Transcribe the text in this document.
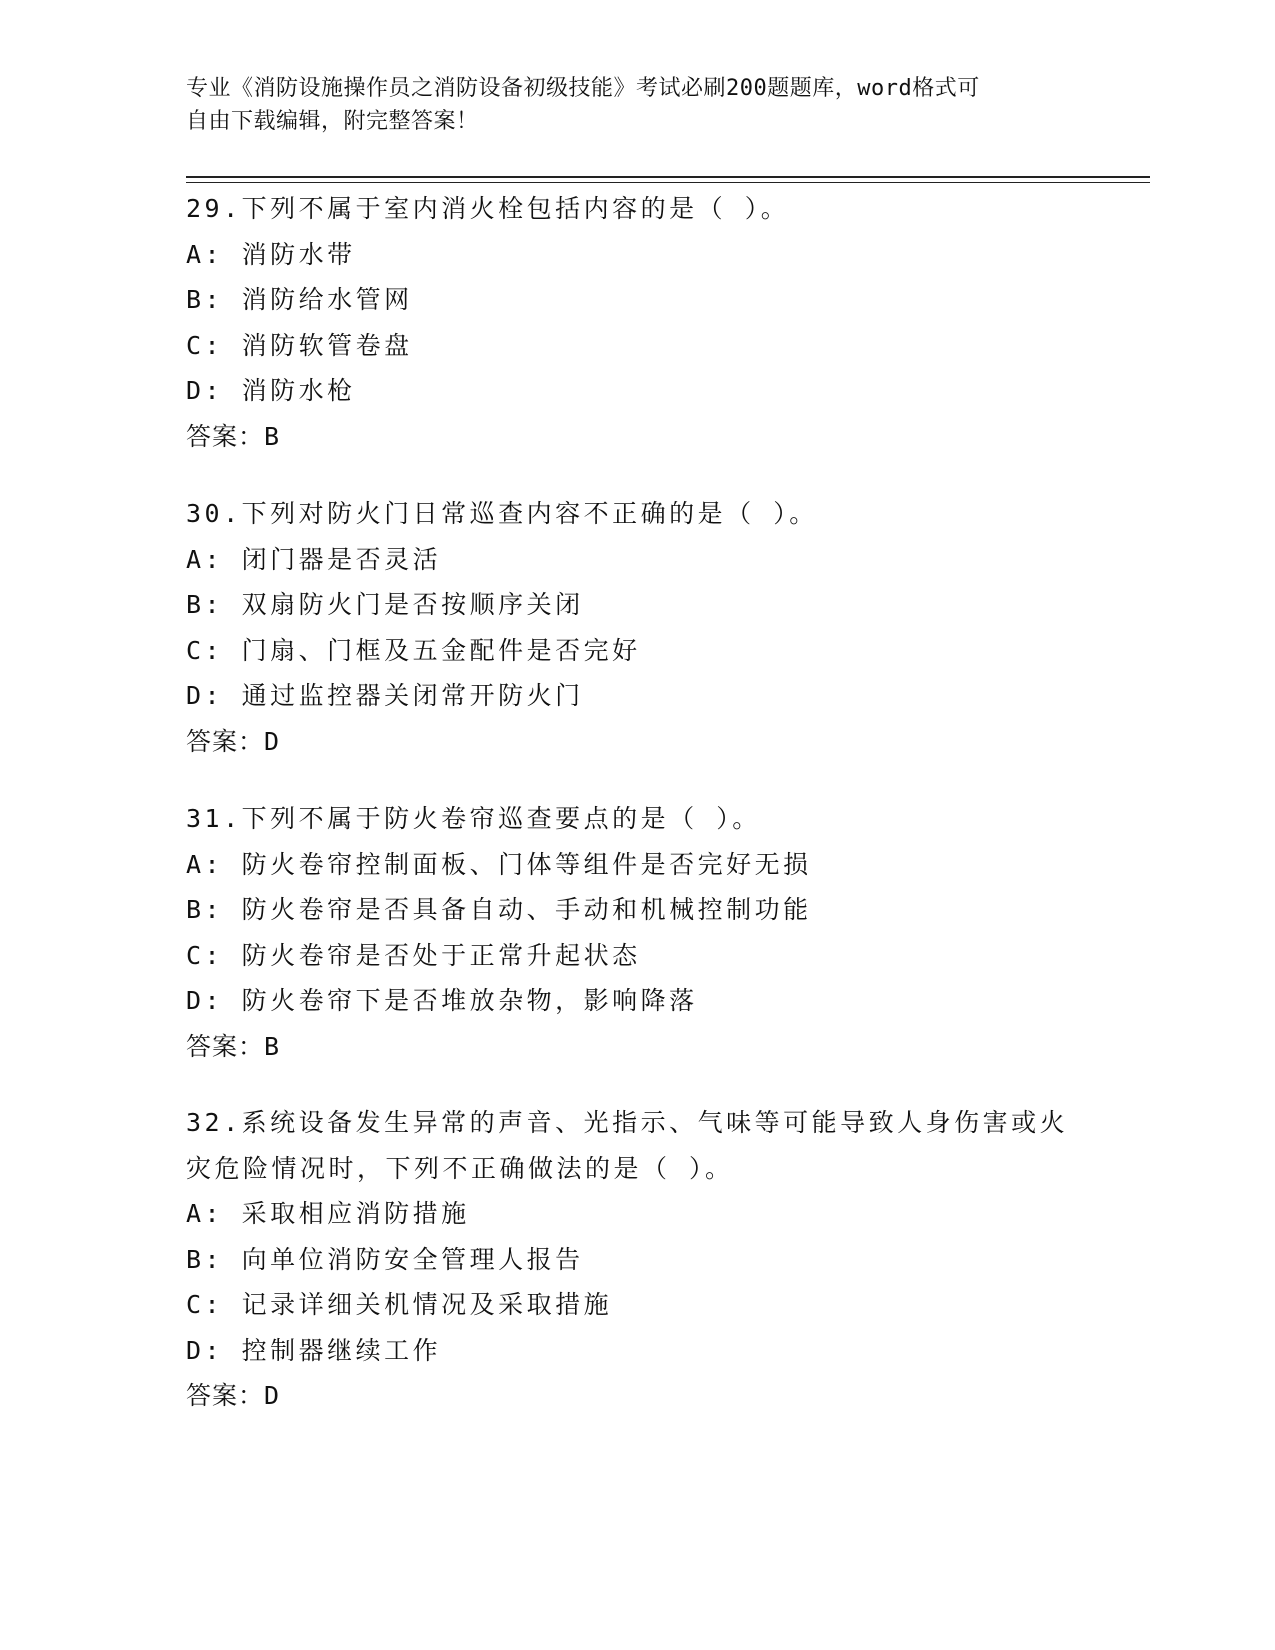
专业《消防设施操作员之消防设备初级技能》考试必刷200题题库，word格式可
自由下载编辑，附完整答案！
29.下列不属于室内消火栓包括内容的是（ ）。
A: 消防水带
B: 消防给水管网
C: 消防软管卷盘
D: 消防水枪
答案：B
30.下列对防火门日常巡查内容不正确的是（ ）。
A: 闭门器是否灵活
B: 双扇防火门是否按顺序关闭
C: 门扇、门框及五金配件是否完好
D: 通过监控器关闭常开防火门
答案：D
31.下列不属于防火卷帘巡查要点的是（ ）。
A: 防火卷帘控制面板、门体等组件是否完好无损
B: 防火卷帘是否具备自动、手动和机械控制功能
C: 防火卷帘是否处于正常升起状态
D: 防火卷帘下是否堆放杂物，影响降落
答案：B
32.系统设备发生异常的声音、光指示、气味等可能导致人身伤害或火
灾危险情况时，下列不正确做法的是（ ）。
A: 采取相应消防措施
B: 向单位消防安全管理人报告
C: 记录详细关机情况及采取措施
D: 控制器继续工作
答案：D
